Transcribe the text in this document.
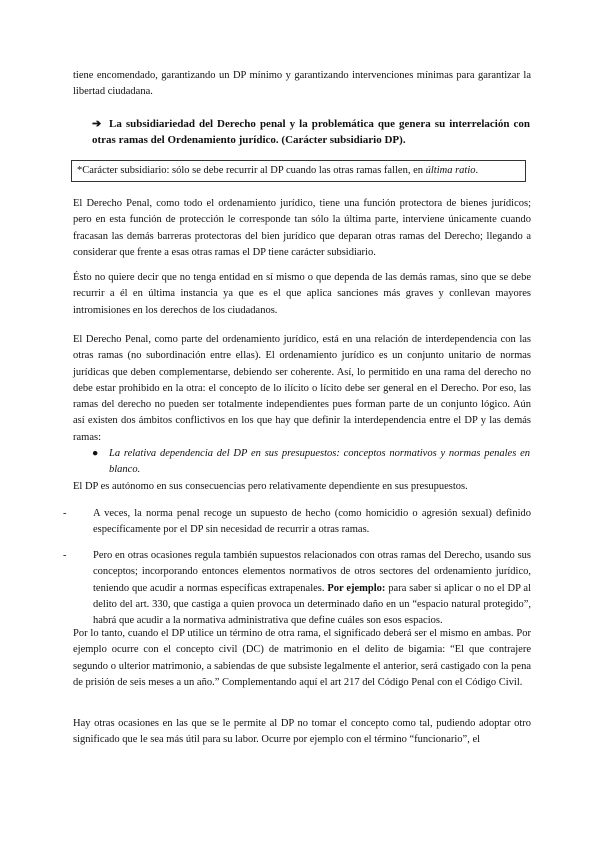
tiene encomendado, garantizando un DP mínimo y garantizando intervenciones mínimas para garantizar la libertad ciudadana.

➔ La subsidiariedad del Derecho penal y la problemática que genera su interrelación con otras ramas del Ordenamiento jurídico. (Carácter subsidiario DP).
*Carácter subsidiario: sólo se debe recurrir al DP cuando las otras ramas fallen, en última ratio.

El Derecho Penal, como todo el ordenamiento jurídico, tiene una función protectora de bienes jurídicos; pero en esta función de protección le corresponde tan sólo la última parte, interviene únicamente cuando fracasan las demás barreras protectoras del bien jurídico que deparan otras ramas del Derecho; llegando a considerar que frente a esas otras ramas el DP tiene carácter subsidiario.

Ésto no quiere decir que no tenga entidad en sí mismo o que dependa de las demás ramas, sino que se debe recurrir a él en última instancia ya que es el que aplica sanciones más graves y conllevan mayores intromisiones en los derechos de los ciudadanos.

El Derecho Penal, como parte del ordenamiento jurídico, está en una relación de interdependencia con las otras ramas (no subordinación entre ellas). El ordenamiento jurídico es un conjunto unitario de normas jurídicas que deben complementarse, debiendo ser coherente. Así, lo permitido en una rama del derecho no debe estar prohibido en la otra: el concepto de lo ilícito o lícito debe ser general en el Derecho. Por eso, las ramas del derecho no pueden ser totalmente independientes pues forman parte de un conjunto lógico. Aún así existen dos ámbitos conflictivos en los que hay que definir la interdependencia entre el DP y las demás ramas:

●	La relativa dependencia del DP en sus presupuestos: conceptos normativos y normas penales en blanco.

El DP es autónomo en sus consecuencias pero relativamente dependiente en sus presupuestos.

-	A veces, la norma penal recoge un supuesto de hecho (como homicidio o agresión sexual) definido específicamente por el DP sin necesidad de recurrir a otras ramas.
-	Pero en otras ocasiones regula también supuestos relacionados con otras ramas del Derecho, usando sus conceptos; incorporando entonces elementos normativos de otros sectores del ordenamiento jurídico, teniendo que acudir a normas específicas extrapenales. Por ejemplo: para saber si aplicar o no el DP al delito del art. 330, que castiga a quien provoca un determinado daño en un “espacio natural protegido”, habrá que acudir a la normativa administrativa que define cuáles son esos espacios.

Por lo tanto, cuando el DP utilice un término de otra rama, el significado deberá ser el mismo en ambas. Por ejemplo ocurre con el concepto civil (DC) de matrimonio en el delito de bigamia: “El que contrajere segundo o ulterior matrimonio, a sabiendas de que subsiste legalmente el anterior, será castigado con la pena de prisión de seis meses a un año.” Complementando aquí el art 217 del Código Penal con el Código Civil.

Hay otras ocasiones en las que se le permite al DP no tomar el concepto como tal, pudiendo adoptar otro significado que le sea más útil para su labor. Ocurre por ejemplo con el término “funcionario”, el
